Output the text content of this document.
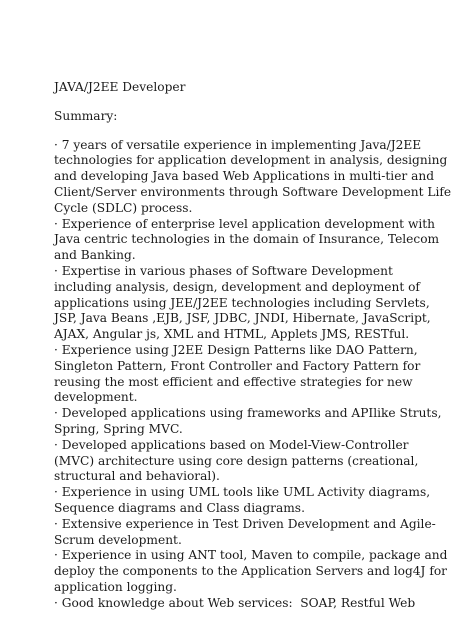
JAVA/J2EE Developer
Summary:
· 7 years of versatile experience in implementing Java/J2EE
technologies for application development in analysis, designing
and developing Java based Web Applications in multi-tier and
Client/Server environments through Software Development Life
Cycle (SDLC) process.
· Experience of enterprise level application development with
Java centric technologies in the domain of Insurance, Telecom
and Banking.
· Expertise in various phases of Software Development
including analysis, design, development and deployment of
applications using JEE/J2EE technologies including Servlets,
JSP, Java Beans ,EJB, JSF, JDBC, JNDI, Hibernate, JavaScript,
AJAX, Angular js, XML and HTML, Applets JMS, RESTful.
· Experience using J2EE Design Patterns like DAO Pattern,
Singleton Pattern, Front Controller and Factory Pattern for
reusing the most efficient and effective strategies for new
development.
· Developed applications using frameworks and APIlike Struts,
Spring, Spring MVC.
· Developed applications based on Model-View-Controller
(MVC) architecture using core design patterns (creational,
structural and behavioral).
· Experience in using UML tools like UML Activity diagrams,
Sequence diagrams and Class diagrams.
· Extensive experience in Test Driven Development and Agile-
Scrum development.
· Experience in using ANT tool, Maven to compile, package and
deploy the components to the Application Servers and log4J for
application logging.
· Good knowledge about Web services:  SOAP, Restful Web
